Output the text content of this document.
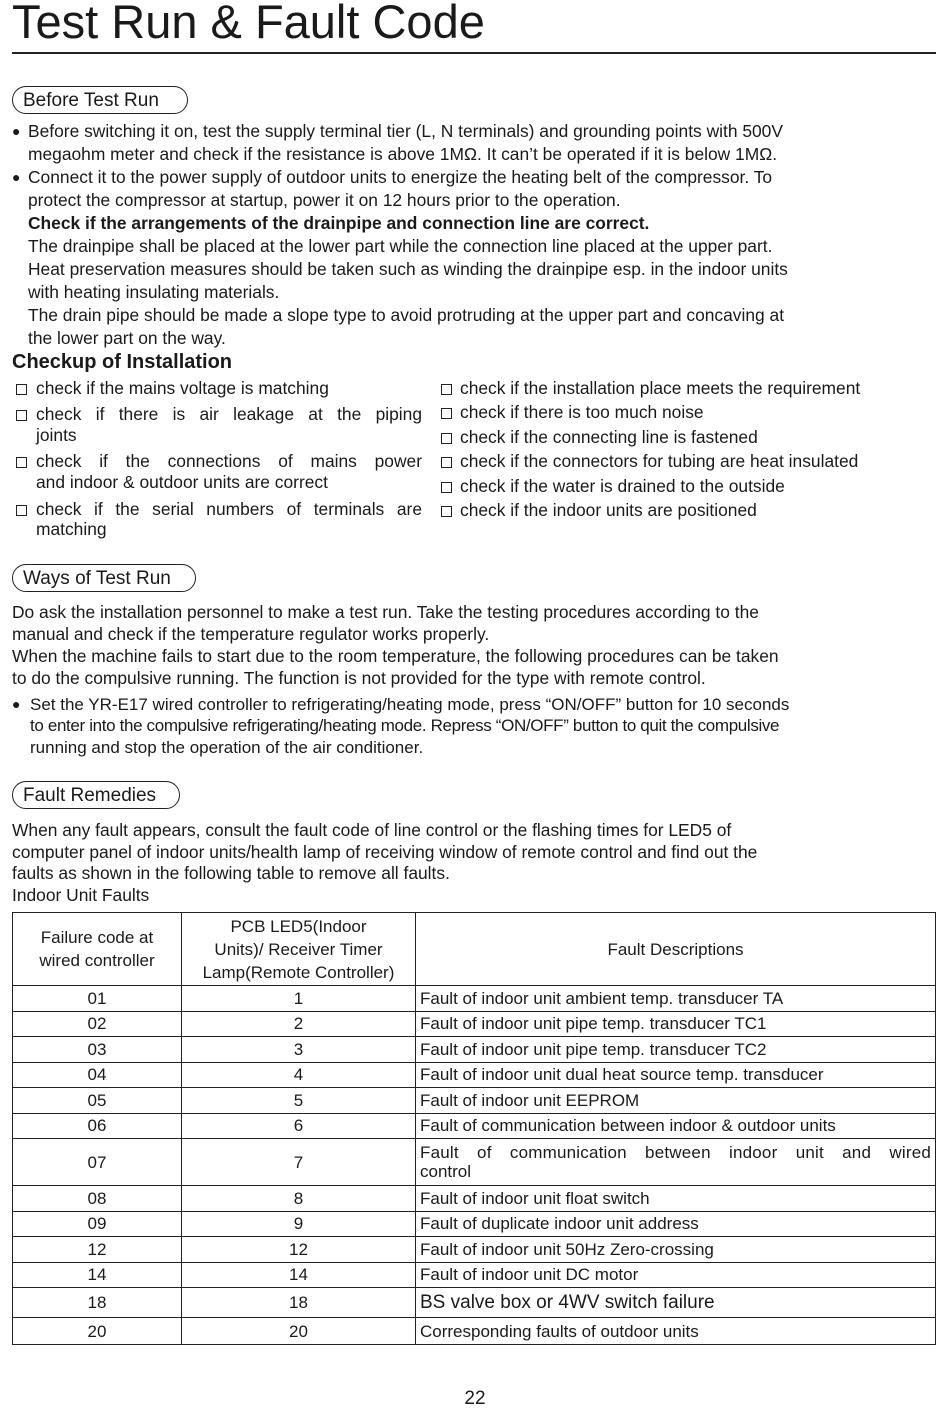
Test Run & Fault Code
Before Test Run
● Before switching it on, test the supply terminal tier (L, N terminals) and grounding points with 500V
megaohm meter and check if the resistance is above 1MΩ. It can’t be operated if it is below 1MΩ.
● Connect it to the power supply of outdoor units to energize the heating belt of the compressor. To
protect the compressor at startup, power it on 12 hours prior to the operation.
Check if the arrangements of the drainpipe and connection line are correct.
The drainpipe shall be placed at the lower part while the connection line placed at the upper part.
Heat preservation measures should be taken such as winding the drainpipe esp. in the indoor units
with heating insulating materials.
The drain pipe should be made a slope type to avoid protruding at the upper part and concaving at
the lower part on the way.
Checkup of Installation
check if the mains voltage is matching
check if there is air leakage at the piping
joints
check if the connections of mains power
and indoor & outdoor units are correct
check if the serial numbers of terminals are
matching
check if the installation place meets the requirement
check if there is too much noise
check if the connecting line is fastened
check if the connectors for tubing are heat insulated
check if the water is drained to the outside
check if the indoor units are positioned
Ways of Test Run
Do ask the installation personnel to make a test run. Take the testing procedures according to the
manual and check if the temperature regulator works properly.
When the machine fails to start due to the room temperature, the following procedures can be taken
to do the compulsive running. The function is not provided for the type with remote control.
● Set the YR-E17 wired controller to refrigerating/heating mode, press “ON/OFF” button for 10 seconds
to enter into the compulsive refrigerating/heating mode. Repress “ON/OFF” button to quit the compulsive
running and stop the operation of the air conditioner.
Fault Remedies
When any fault appears, consult the fault code of line control or the flashing times for LED5 of
computer panel of indoor units/health lamp of receiving window of remote control and find out the
faults as shown in the following table to remove all faults.
Indoor Unit Faults
Failure code at
wired controller	PCB LED5(Indoor
Units)/ Receiver Timer
Lamp(Remote Controller)	Fault Descriptions
01	1	Fault of indoor unit ambient temp. transducer TA
02	2	Fault of indoor unit pipe temp. transducer TC1
03	3	Fault of indoor unit pipe temp. transducer TC2
04	4	Fault of indoor unit dual heat source temp. transducer
05	5	Fault of indoor unit EEPROM
06	6	Fault of communication between indoor & outdoor units
07	7	Fault of communication between indoor unit and wired
control

08	8	Fault of indoor unit float switch
09	9	Fault of duplicate indoor unit address
12	12	Fault of indoor unit 50Hz Zero-crossing
14	14	Fault of indoor unit DC motor
18	18	BS valve box or 4WV switch failure
20	20	Corresponding faults of outdoor units
22
